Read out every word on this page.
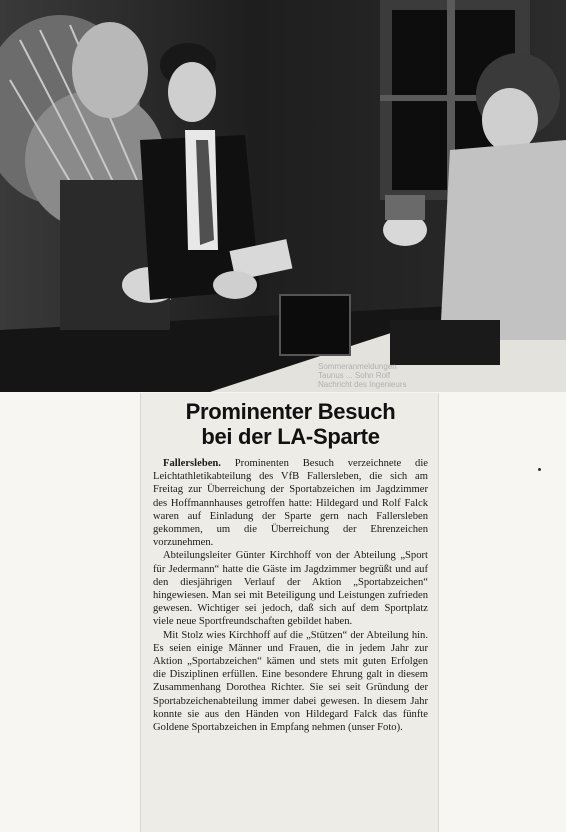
Sommeranmeldungen
Taunus ... Sohn Rolf
Nachricht des Ingenieurs
Prominenter Besuch
bei der LA-Sparte

Fallersleben. Prominenten Besuch verzeichnete die Leichtathletikabteilung des VfB Fallersleben, die sich am Freitag zur Überreichung der Sportabzeichen im Jagdzimmer des Hoffmannhauses getroffen hatte: Hildegard und Rolf Falck waren auf Einladung der Sparte gern nach Fallersleben gekommen, um die Überreichung der Ehrenzeichen vorzunehmen.

Abteilungsleiter Günter Kirchhoff von der Abteilung „Sport für Jedermann“ hatte die Gäste im Jagdzimmer begrüßt und auf den diesjährigen Verlauf der Aktion „Sportabzeichen“ hingewiesen. Man sei mit Beteiligung und Leistungen zufrieden gewesen. Wichtiger sei jedoch, daß sich auf dem Sportplatz viele neue Sportfreundschaften gebildet haben.

Mit Stolz wies Kirchhoff auf die „Stützen“ der Abteilung hin. Es seien einige Männer und Frauen, die in jedem Jahr zur Aktion „Sportabzeichen“ kämen und stets mit guten Erfolgen die Disziplinen erfüllen. Eine besondere Ehrung galt in diesem Zusammenhang Dorothea Richter. Sie sei seit Gründung der Sportabzeichenabteilung immer dabei gewesen. In diesem Jahr konnte sie aus den Händen von Hildegard Falck das fünfte Goldene Sportabzeichen in Empfang nehmen (unser Foto).
